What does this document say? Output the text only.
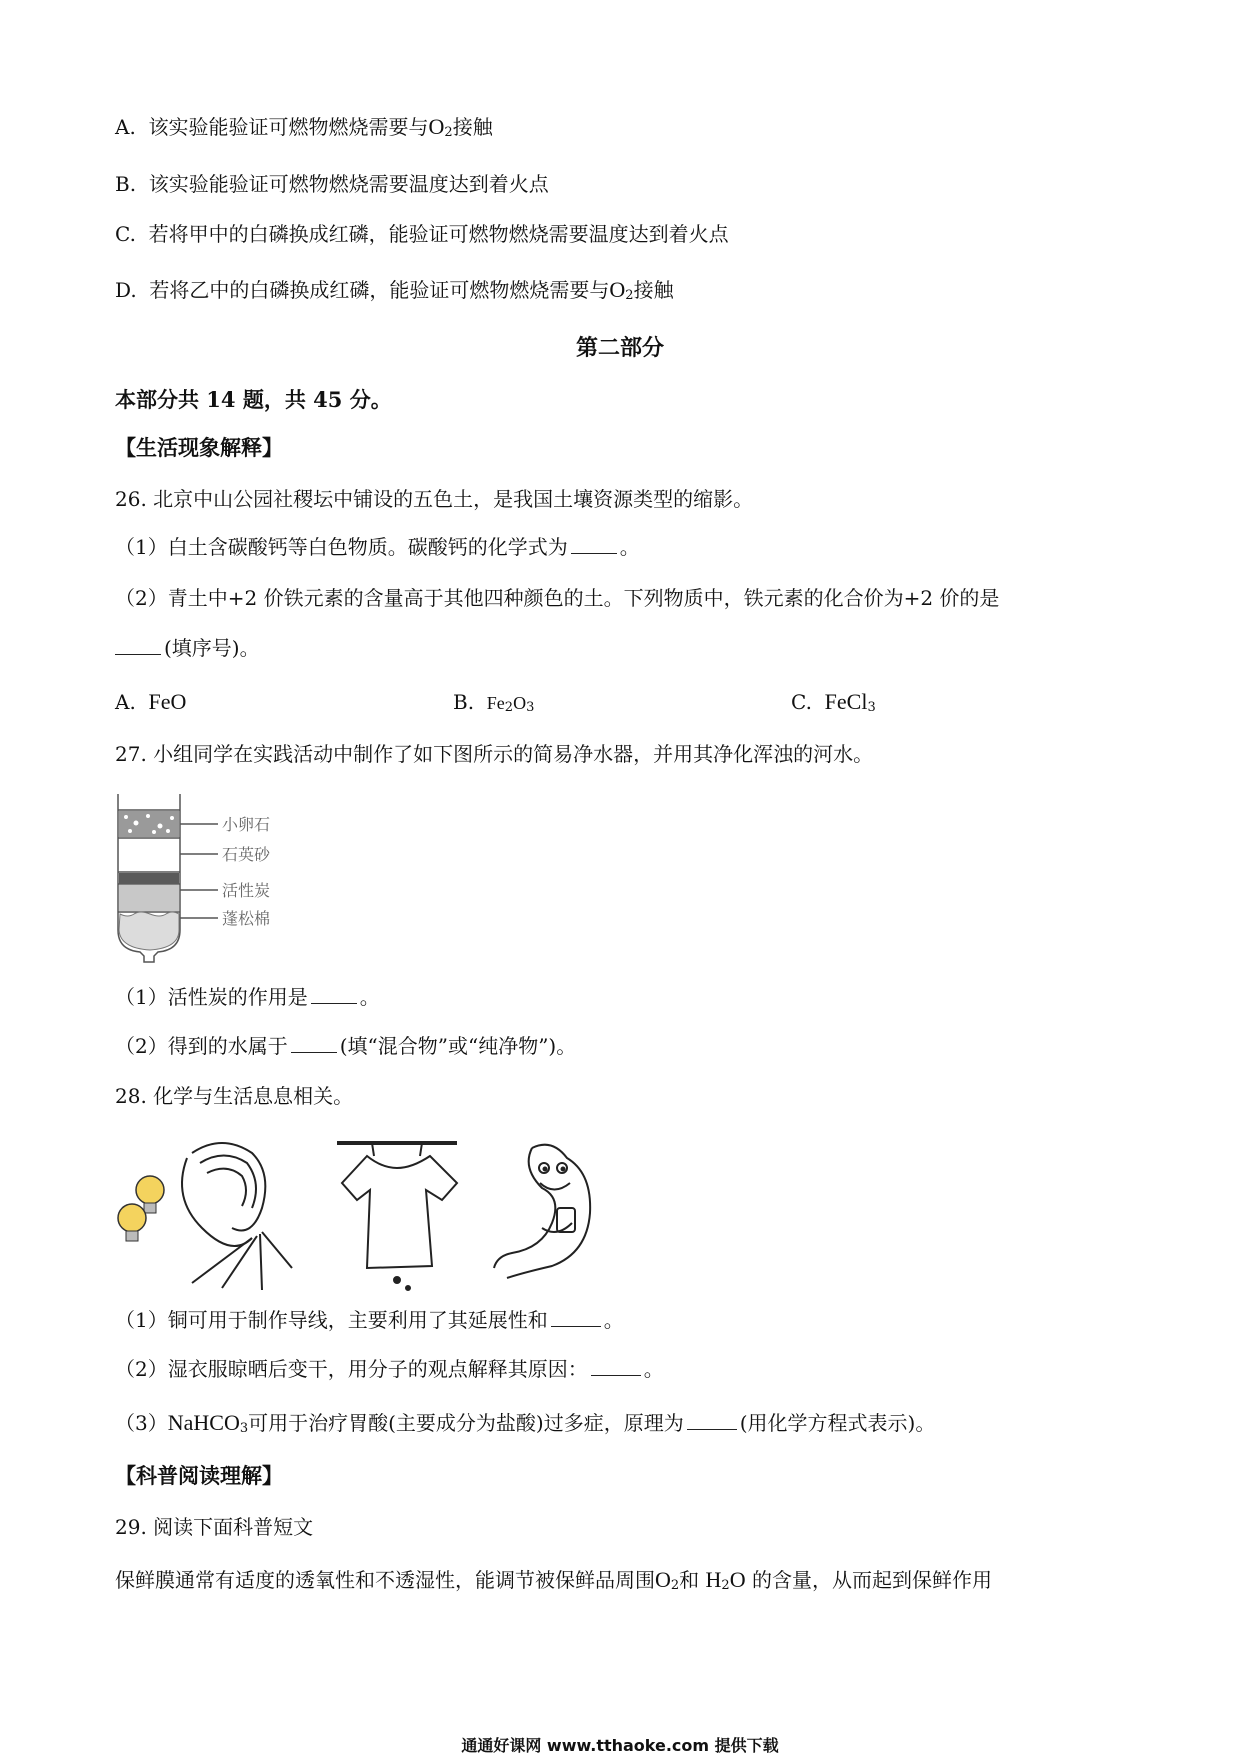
A. 该实验能验证可燃物燃烧需要与$O_2$接触
B. 该实验能验证可燃物燃烧需要温度达到着火点
C. 若将甲中的白磷换成红磷，能验证可燃物燃烧需要温度达到着火点
D. 若将乙中的白磷换成红磷，能验证可燃物燃烧需要与$O_2$接触
第二部分
本部分共 14 题，共 45 分。
【生活现象解释】
26. 北京中山公园社稷坛中铺设的五色土，是我国土壤资源类型的缩影。
（1）白土含碳酸钙等白色物质。碳酸钙的化学式为	。
（2）青土中+2 价铁元素的含量高于其他四种颜色的土。下列物质中，铁元素的化合价为+2 价的是
(填序号)。
A. FeO	B. $Fe_2O_3$	C. FeCl$_3$
27. 小组同学在实践活动中制作了如下图所示的简易净水器，并用其净化浑浊的河水。
小卵石
石英砂
活性炭
蓬松棉
（1）活性炭的作用是	。
（2）得到的水属于	(填“混合物”或“纯净物”)。
28. 化学与生活息息相关。
（1）铜可用于制作导线，主要利用了其延展性和	。
（2）湿衣服晾晒后变干，用分子的观点解释其原因：	。
（3）NaHCO$_3$可用于治疗胃酸(主要成分为盐酸)过多症，原理为	(用化学方程式表示)。
【科普阅读理解】
29. 阅读下面科普短文
保鲜膜通常有适度的透氧性和不透湿性，能调节被保鲜品周围$O_2$和 $H_2O$ 的含量，从而起到保鲜作用
通通好课网 www.tthaoke.com 提供下载
